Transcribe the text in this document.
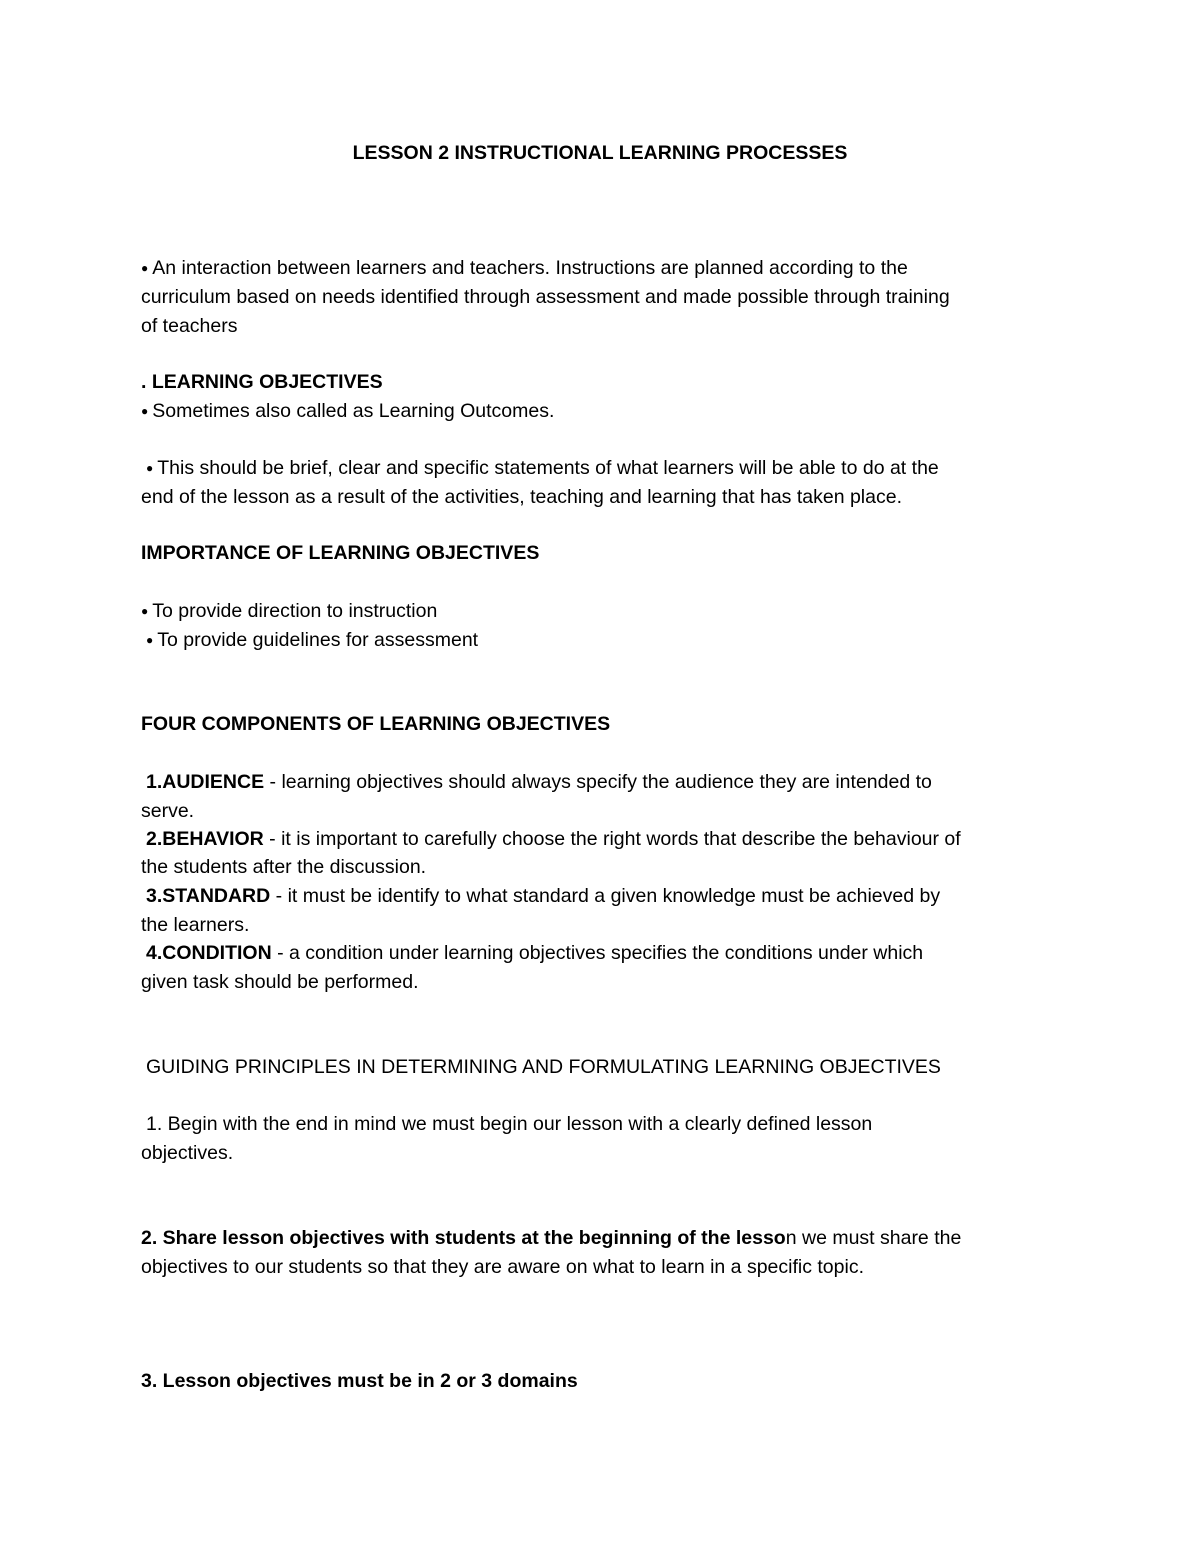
LESSON 2 INSTRUCTIONAL LEARNING PROCESSES
● An interaction between learners and teachers. Instructions are planned according to the
curriculum based on needs identified through assessment and made possible through training
of teachers
. LEARNING OBJECTIVES
● Sometimes also called as Learning Outcomes.
● This should be brief, clear and specific statements of what learners will be able to do at the
end of the lesson as a result of the activities, teaching and learning that has taken place.
IMPORTANCE OF LEARNING OBJECTIVES
● To provide direction to instruction
● To provide guidelines for assessment
FOUR COMPONENTS OF LEARNING OBJECTIVES
1.AUDIENCE - learning objectives should always specify the audience they are intended to
serve.
2.BEHAVIOR - it is important to carefully choose the right words that describe the behaviour of
the students after the discussion.
3.STANDARD - it must be identify to what standard a given knowledge must be achieved by
the learners.
4.CONDITION - a condition under learning objectives specifies the conditions under which
given task should be performed.
GUIDING PRINCIPLES IN DETERMINING AND FORMULATING LEARNING OBJECTIVES
1. Begin with the end in mind we must begin our lesson with a clearly defined lesson
objectives.
2. Share lesson objectives with students at the beginning of the lesson we must share the
objectives to our students so that they are aware on what to learn in a specific topic.
3. Lesson objectives must be in 2 or 3 domains
